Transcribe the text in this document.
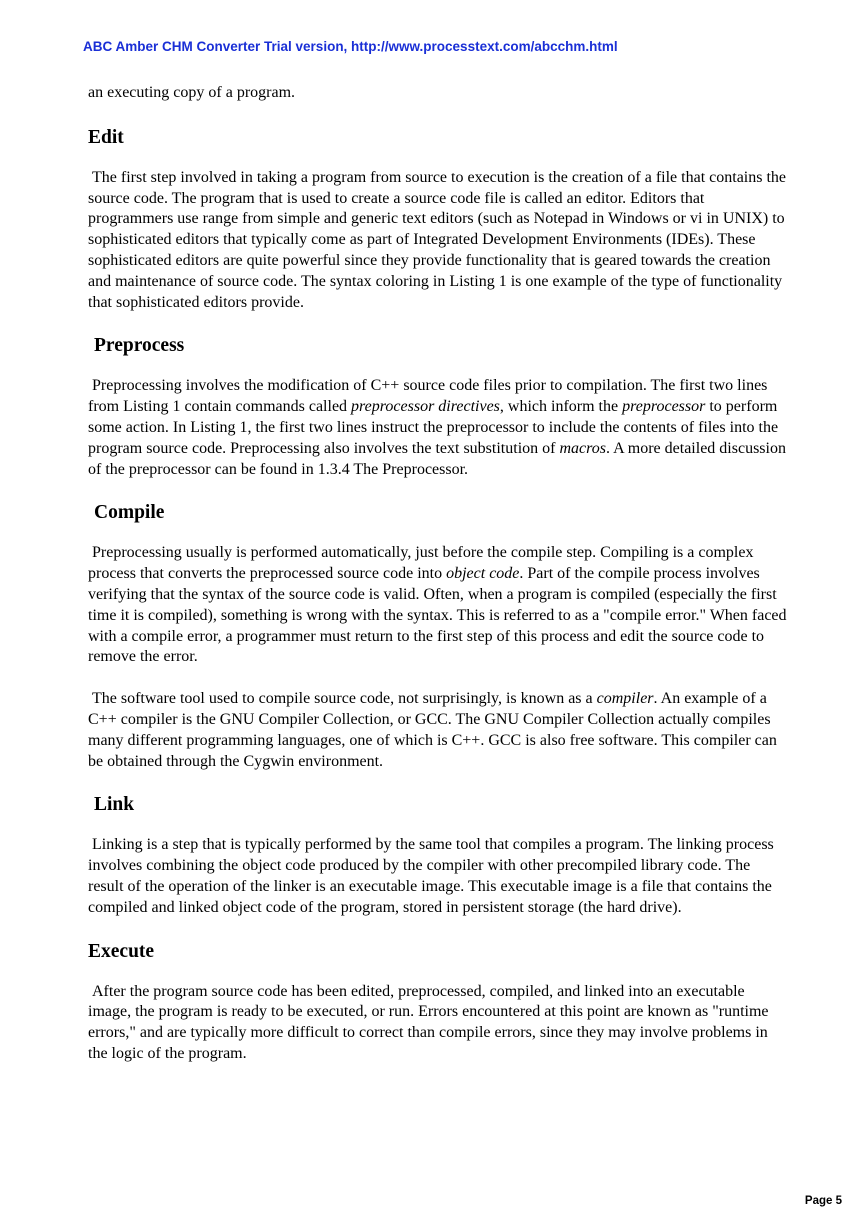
ABC Amber CHM Converter Trial version, http://www.processtext.com/abcchm.html

an executing copy of a program.

Edit

The first step involved in taking a program from source to execution is the creation of a file that contains the source code. The program that is used to create a source code file is called an editor. Editors that programmers use range from simple and generic text editors (such as Notepad in Windows or vi in UNIX) to sophisticated editors that typically come as part of Integrated Development Environments (IDEs). These sophisticated editors are quite powerful since they provide functionality that is geared towards the creation and maintenance of source code. The syntax coloring in Listing 1 is one example of the type of functionality that sophisticated editors provide.

Preprocess

Preprocessing involves the modification of C++ source code files prior to compilation. The first two lines from Listing 1 contain commands called preprocessor directives, which inform the preprocessor to perform some action. In Listing 1, the first two lines instruct the preprocessor to include the contents of files into the program source code. Preprocessing also involves the text substitution of macros. A more detailed discussion of the preprocessor can be found in 1.3.4 The Preprocessor.

Compile

Preprocessing usually is performed automatically, just before the compile step. Compiling is a complex process that converts the preprocessed source code into object code. Part of the compile process involves verifying that the syntax of the source code is valid. Often, when a program is compiled (especially the first time it is compiled), something is wrong with the syntax. This is referred to as a "compile error." When faced with a compile error, a programmer must return to the first step of this process and edit the source code to remove the error.

The software tool used to compile source code, not surprisingly, is known as a compiler. An example of a C++ compiler is the GNU Compiler Collection, or GCC. The GNU Compiler Collection actually compiles many different programming languages, one of which is C++. GCC is also free software. This compiler can be obtained through the Cygwin environment.

Link

Linking is a step that is typically performed by the same tool that compiles a program. The linking process involves combining the object code produced by the compiler with other precompiled library code. The result of the operation of the linker is an executable image. This executable image is a file that contains the compiled and linked object code of the program, stored in persistent storage (the hard drive).

Execute

After the program source code has been edited, preprocessed, compiled, and linked into an executable image, the program is ready to be executed, or run. Errors encountered at this point are known as "runtime errors," and are typically more difficult to correct than compile errors, since they may involve problems in the logic of the program.

Page 5
